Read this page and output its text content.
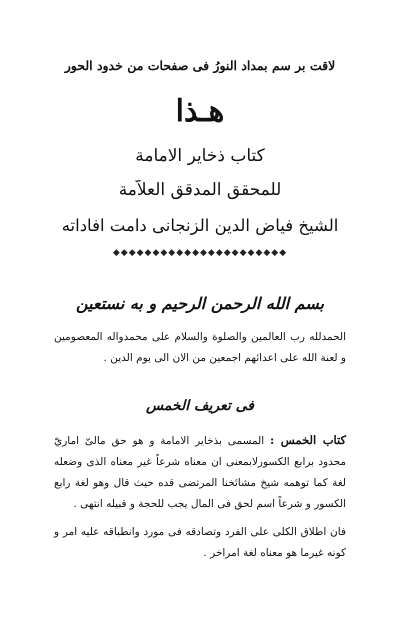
لاقت بر سم بمداد النورُ فى صفحات من خدود الحور
هـذا
كتاب ذخاير الامامة
للمحقق المدقق العلاّمة
الشيخ فياض الدين الزنجانى دامت افاداته
◆◆◆◆◆◆◆◆◆◆◆◆◆◆◆◆◆◆◆◆◆◆
بسم الله الرحمن الرحيم و به نستعين
الحمدلله رب العالمين والصلوة والسلام على محمدواله المعصومين و لعنة الله على اعدائهم اجمعين من الان الى يوم الدين .
فى تعريف الخمس
كتاب الخمس : المسمى بذخاير الامامة و هو حق مالىّ اماريّ محدود برابع الكسورلابمعنى ان معناه شرعاً غير معناه الذى وضعله لغة كما توهمه شيخ مشائخنا المرتضى قده حيث قال وهو لغة رابع الكسور و شرعاً اسم لحق فى المال يجب للحجة و قبيله انتهى .
فان اطلاق الكلى على الفرد وتصادقه فى مورد وانطباقه عليه امر و كونه غيرما هو معناه لغة امراخر .
